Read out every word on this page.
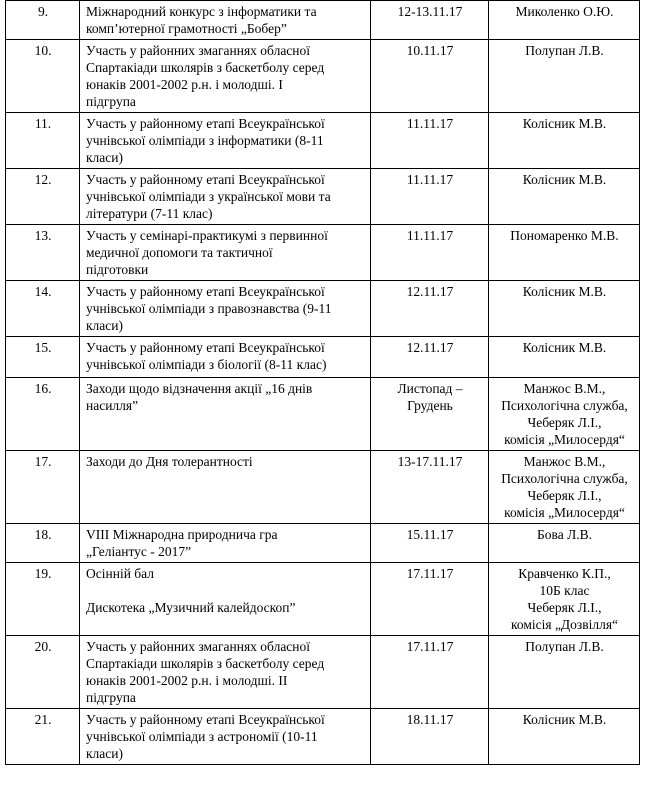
9.	Міжнародний конкурс з інформатики та
комп’ютерної грамотності „Бобер”	12-13.11.17	Миколенко О.Ю.

10.	Участь у районних змаганнях обласної
Спартакіади школярів з баскетболу серед
юнаків 2001-2002 р.н. і молодші. І
підгрупа	10.11.17	Полупан Л.В.

11.	Участь у районному етапі Всеукраїнської
учнівської олімпіади з інформатики (8-11
класи)	11.11.17	Колісник М.В.

12.	Участь у районному етапі Всеукраїнської
учнівської олімпіади з української мови та
літератури (7-11 клас)	11.11.17	Колісник М.В.

13.	Участь у семінарі-практикумі з первинної
медичної допомоги та тактичної
підготовки	11.11.17	Пономаренко М.В.

14.	Участь у районному етапі Всеукраїнської
учнівської олімпіади з правознавства (9-11
класи)	12.11.17	Колісник М.В.

15.	Участь у районному етапі Всеукраїнської
учнівської олімпіади з біології (8-11 клас)	12.11.17	Колісник М.В.

16.	Заходи щодо відзначення акції „16 днів
насилля”	Листопад –
Грудень	Манжос В.М.,
Психологічна служба,
Чеберяк Л.І.,
комісія „Милосердя“

17.	Заходи до Дня толерантності	13-17.11.17	Манжос В.М.,
Психологічна служба,
Чеберяк Л.І.,
комісія „Милосердя“

18.	VIII Міжнародна природнича гра
„Геліантус - 2017”	15.11.17	Бова Л.В.

19.	Осінній бал

Дискотека „Музичний калейдоскоп”	17.11.17	Кравченко К.П.,
10Б клас
Чеберяк Л.І.,
комісія „Дозвілля“

20.	Участь у районних змаганнях обласної
Спартакіади школярів з баскетболу серед
юнаків 2001-2002 р.н. і молодші. ІІ
підгрупа	17.11.17	Полупан Л.В.

21.	Участь у районному етапі Всеукраїнської
учнівської олімпіади з астрономії (10-11
класи)	18.11.17	Колісник М.В.
